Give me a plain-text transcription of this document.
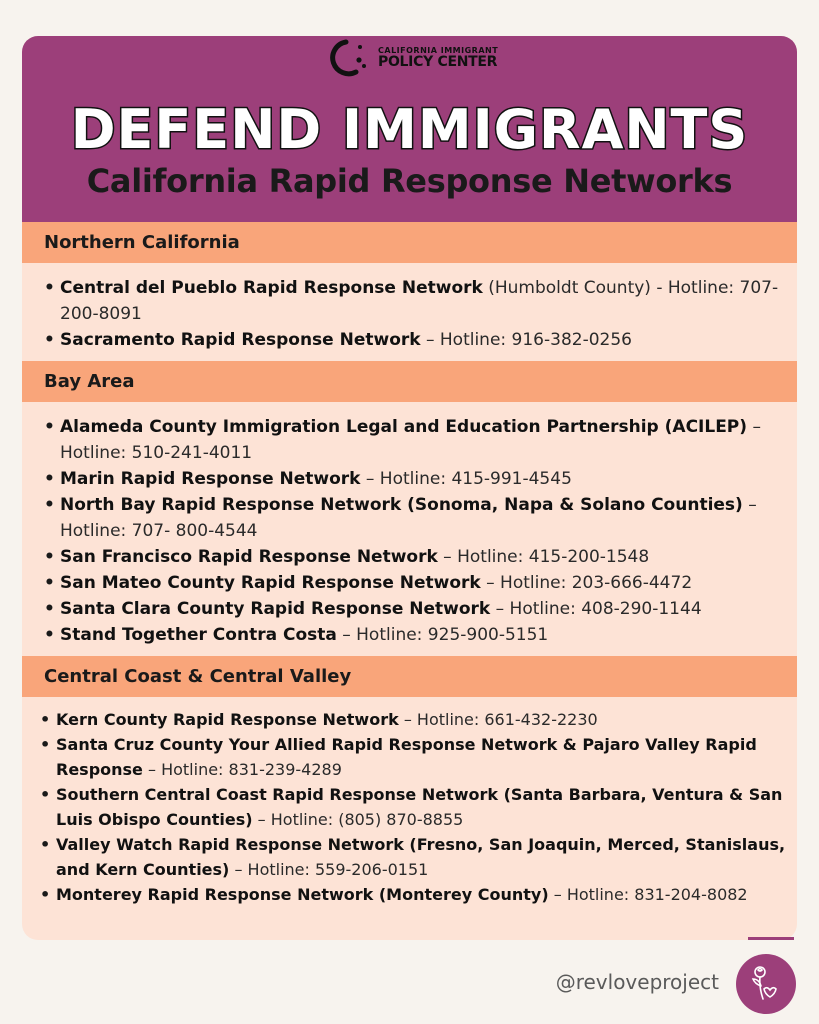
CALIFORNIA IMMIGRANT
POLICY CENTER
DEFEND IMMIGRANTS
California Rapid Response Networks
Northern California
• Central del Pueblo Rapid Response Network (Humboldt County) - Hotline: 707-200-8091
• Sacramento Rapid Response Network – Hotline: 916-382-0256
Bay Area
• Alameda County Immigration Legal and Education Partnership (ACILEP) –Hotline: 510-241-4011
• Marin Rapid Response Network – Hotline: 415-991-4545
• North Bay Rapid Response Network (Sonoma, Napa & Solano Counties) – Hotline: 707- 800-4544
• San Francisco Rapid Response Network – Hotline: 415-200-1548
• San Mateo County Rapid Response Network – Hotline: 203-666-4472
• Santa Clara County Rapid Response Network – Hotline: 408-290-1144
• Stand Together Contra Costa – Hotline: 925-900-5151
Central Coast & Central Valley
• Kern County Rapid Response Network – Hotline: 661-432-2230
• Santa Cruz County Your Allied Rapid Response Network & Pajaro Valley Rapid Response – Hotline: 831-239-4289
• Southern Central Coast Rapid Response Network (Santa Barbara, Ventura & San Luis Obispo Counties) – Hotline: (805) 870-8855
• Valley Watch Rapid Response Network (Fresno, San Joaquin, Merced, Stanislaus, and Kern Counties) – Hotline: 559-206-0151
• Monterey Rapid Response Network (Monterey County) – Hotline: 831-204-8082
@revloveproject
